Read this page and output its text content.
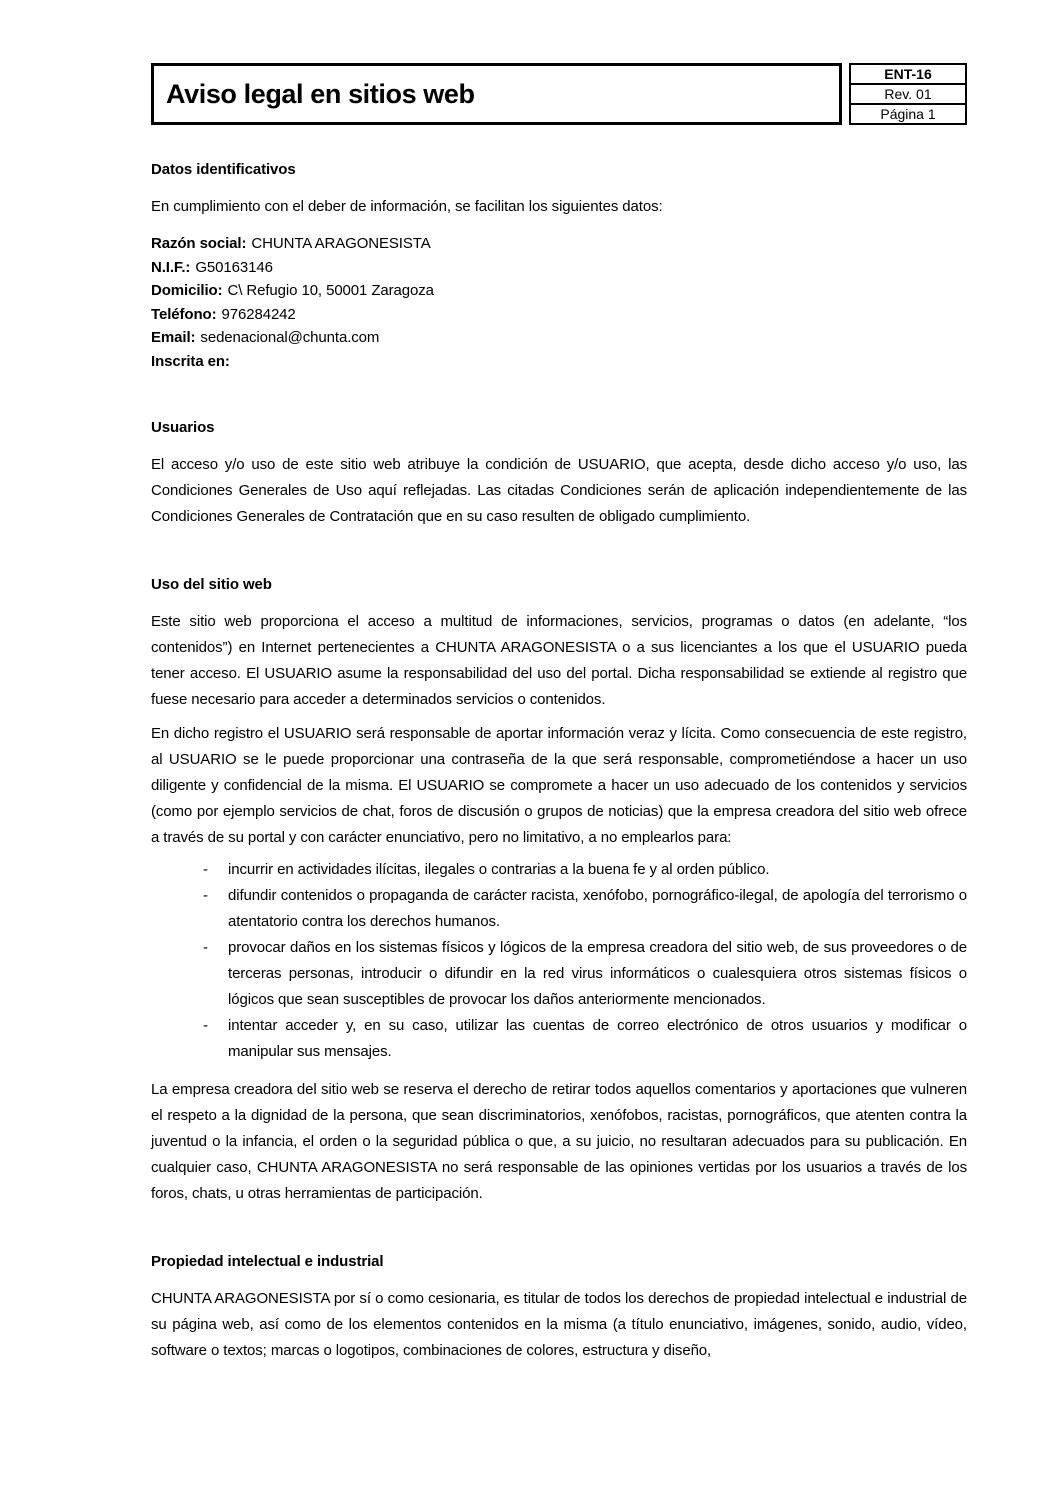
Aviso legal en sitios web
ENT-16
Rev. 01
Página 1
Datos identificativos

En cumplimiento con el deber de información, se facilitan los siguientes datos:

Razón social: CHUNTA ARAGONESISTA
N.I.F.: G50163146
Domicilio: C\ Refugio 10, 50001 Zaragoza
Teléfono: 976284242
Email: sedenacional@chunta.com
Inscrita en:
Usuarios

El acceso y/o uso de este sitio web atribuye la condición de USUARIO, que acepta, desde dicho acceso y/o uso, las Condiciones Generales de Uso aquí reflejadas. Las citadas Condiciones serán de aplicación independientemente de las Condiciones Generales de Contratación que en su caso resulten de obligado cumplimiento.

Uso del sitio web

Este sitio web proporciona el acceso a multitud de informaciones, servicios, programas o datos (en adelante, “los contenidos”) en Internet pertenecientes a CHUNTA ARAGONESISTA o a sus licenciantes a los que el USUARIO pueda tener acceso. El USUARIO asume la responsabilidad del uso del portal. Dicha responsabilidad se extiende al registro que fuese necesario para acceder a determinados servicios o contenidos.

En dicho registro el USUARIO será responsable de aportar información veraz y lícita. Como consecuencia de este registro, al USUARIO se le puede proporcionar una contraseña de la que será responsable, comprometiéndose a hacer un uso diligente y confidencial de la misma. El USUARIO se compromete a hacer un uso adecuado de los contenidos y servicios (como por ejemplo servicios de chat, foros de discusión o grupos de noticias) que la empresa creadora del sitio web ofrece a través de su portal y con carácter enunciativo, pero no limitativo, a no emplearlos para:

-	incurrir en actividades ilícitas, ilegales o contrarias a la buena fe y al orden público.
-	difundir contenidos o propaganda de carácter racista, xenófobo, pornográfico-ilegal, de apología del terrorismo o atentatorio contra los derechos humanos.
-	provocar daños en los sistemas físicos y lógicos de la empresa creadora del sitio web, de sus proveedores o de terceras personas, introducir o difundir en la red virus informáticos o cualesquiera otros sistemas físicos o lógicos que sean susceptibles de provocar los daños anteriormente mencionados.
-	intentar acceder y, en su caso, utilizar las cuentas de correo electrónico de otros usuarios y modificar o manipular sus mensajes.

La empresa creadora del sitio web se reserva el derecho de retirar todos aquellos comentarios y aportaciones que vulneren el respeto a la dignidad de la persona, que sean discriminatorios, xenófobos, racistas, pornográficos, que atenten contra la juventud o la infancia, el orden o la seguridad pública o que, a su juicio, no resultaran adecuados para su publicación. En cualquier caso, CHUNTA ARAGONESISTA no será responsable de las opiniones vertidas por los usuarios a través de los foros, chats, u otras herramientas de participación.

Propiedad intelectual e industrial

CHUNTA ARAGONESISTA por sí o como cesionaria, es titular de todos los derechos de propiedad intelectual e industrial de su página web, así como de los elementos contenidos en la misma (a título enunciativo, imágenes, sonido, audio, vídeo, software o textos; marcas o logotipos, combinaciones de colores, estructura y diseño,
